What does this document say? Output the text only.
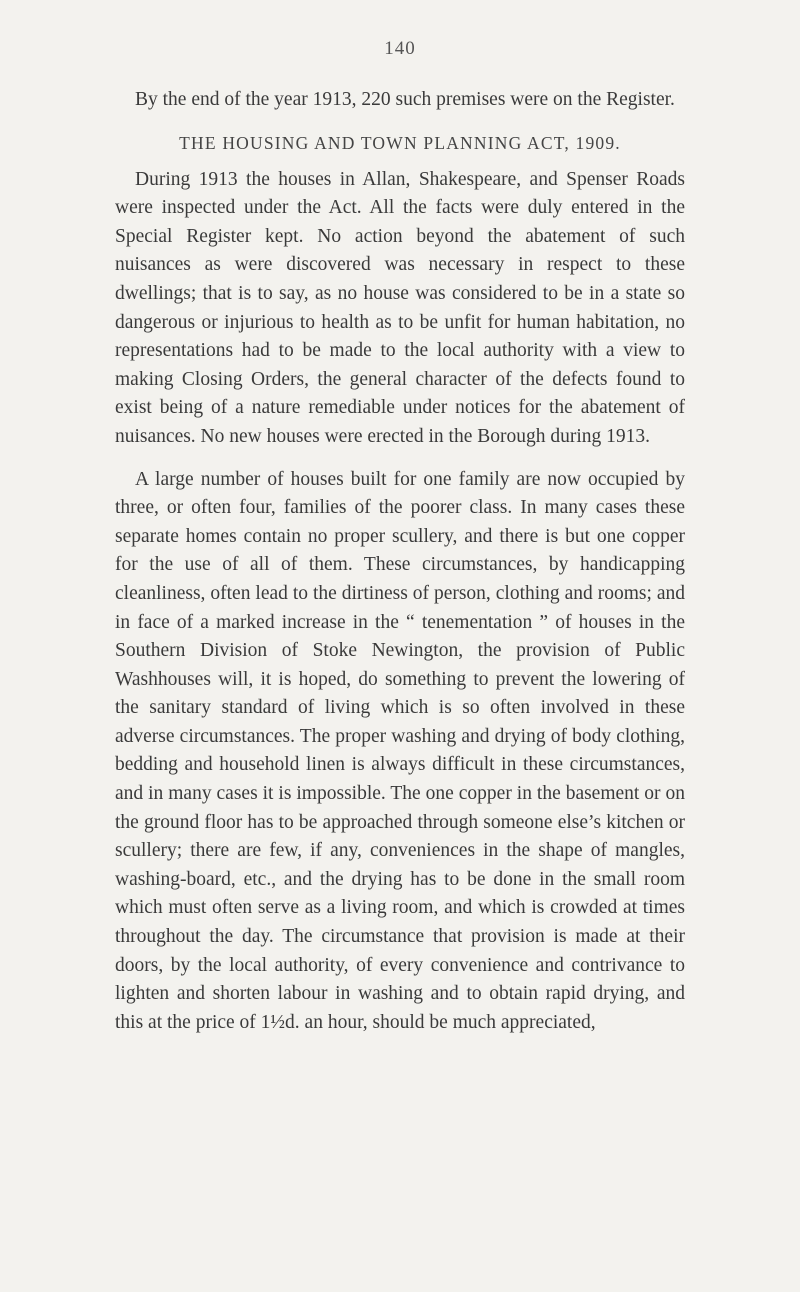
140

By the end of the year 1913, 220 such premises were on the Register.

THE HOUSING AND TOWN PLANNING ACT, 1909.

During 1913 the houses in Allan, Shakespeare, and Spenser Roads were inspected under the Act. All the facts were duly entered in the Special Register kept. No action beyond the abatement of such nuisances as were discovered was necessary in respect to these dwellings; that is to say, as no house was considered to be in a state so dangerous or injurious to health as to be unfit for human habitation, no representations had to be made to the local authority with a view to making Closing Orders, the general character of the defects found to exist being of a nature remediable under notices for the abatement of nuisances. No new houses were erected in the Borough during 1913.

A large number of houses built for one family are now occupied by three, or often four, families of the poorer class. In many cases these separate homes contain no proper scullery, and there is but one copper for the use of all of them. These circumstances, by handicapping cleanliness, often lead to the dirtiness of person, clothing and rooms; and in face of a marked increase in the “ tenementation ” of houses in the Southern Division of Stoke Newington, the provision of Public Washhouses will, it is hoped, do something to prevent the lowering of the sanitary standard of living which is so often involved in these adverse circumstances. The proper washing and drying of body clothing, bedding and household linen is always difficult in these circumstances, and in many cases it is impossible. The one copper in the basement or on the ground floor has to be approached through someone else’s kitchen or scullery; there are few, if any, conveniences in the shape of mangles, washing-board, etc., and the drying has to be done in the small room which must often serve as a living room, and which is crowded at times throughout the day. The circumstance that provision is made at their doors, by the local authority, of every convenience and contrivance to lighten and shorten labour in washing and to obtain rapid drying, and this at the price of 1½d. an hour, should be much appreciated,
